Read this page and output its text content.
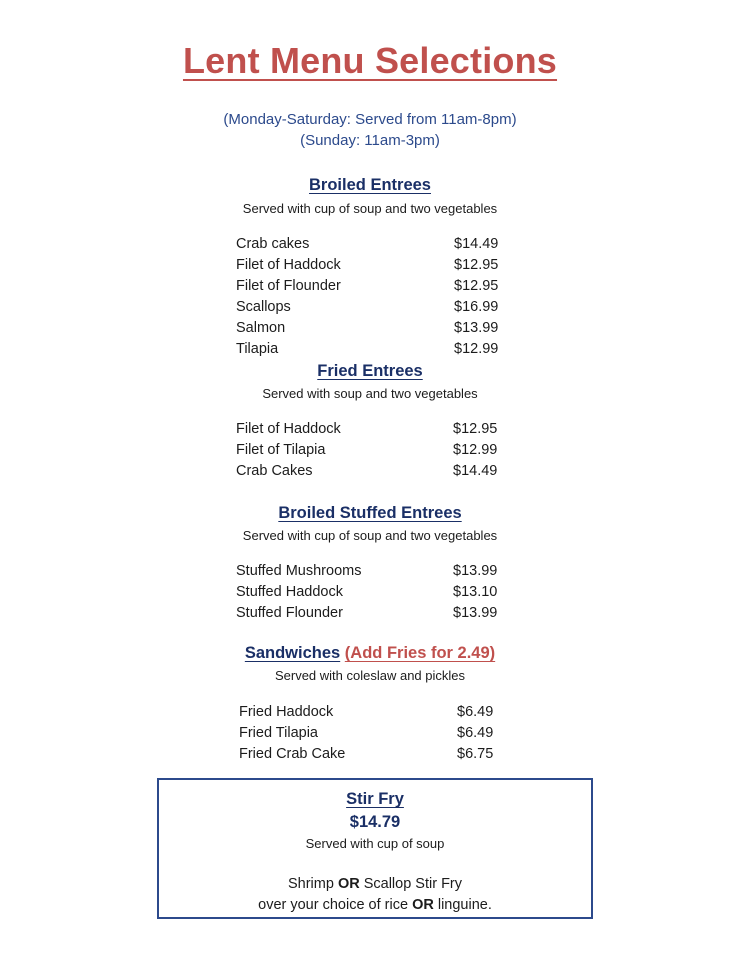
Lent Menu Selections
(Monday-Saturday: Served from 11am-8pm)
(Sunday: 11am-3pm)
Broiled Entrees
Served with cup of soup and two vegetables
Crab cakes	$14.49
Filet of Haddock	$12.95
Filet of Flounder	$12.95
Scallops	$16.99
Salmon	$13.99
Tilapia	$12.99
Fried Entrees
Served with soup and two vegetables
Filet of Haddock	$12.95
Filet of Tilapia	$12.99
Crab Cakes	$14.49
Broiled Stuffed Entrees
Served with cup of soup and two vegetables
Stuffed Mushrooms	$13.99
Stuffed Haddock	$13.10
Stuffed Flounder	$13.99
Sandwiches (Add Fries for 2.49)
Served with coleslaw and pickles
Fried Haddock	$6.49
Fried Tilapia	$6.49
Fried Crab Cake	$6.75
Stir Fry
$14.79
Served with cup of soup
Shrimp OR Scallop Stir Fry
over your choice of rice OR linguine.
